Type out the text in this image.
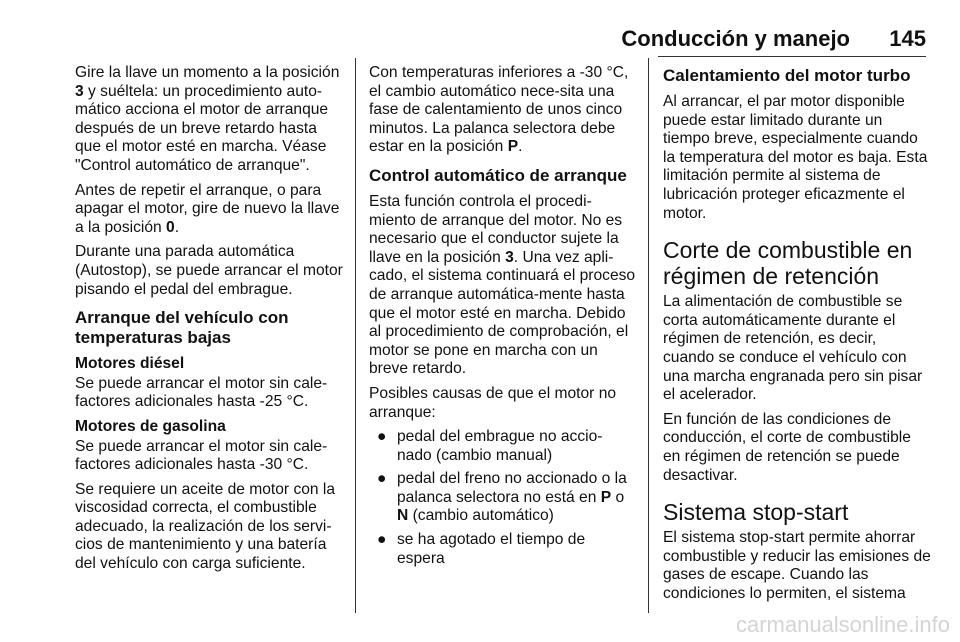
Conducción y manejo 145

Gire la llave un momento a la posición 3 y suéltela: un procedimiento auto-mático acciona el motor de arranque después de un breve retardo hasta que el motor esté en marcha. Véase "Control automático de arranque".

Antes de repetir el arranque, o para apagar el motor, gire de nuevo la llave a la posición 0.

Durante una parada automática (Autostop), se puede arrancar el motor pisando el pedal del embrague.

Arranque del vehículo con temperaturas bajas
Motores diésel

Se puede arrancar el motor sin cale-factores adicionales hasta -25 °C.

Motores de gasolina

Se puede arrancar el motor sin cale-factores adicionales hasta -30 °C.

Se requiere un aceite de motor con la viscosidad correcta, el combustible adecuado, la realización de los servi-cios de mantenimiento y una batería del vehículo con carga suficiente.

Con temperaturas inferiores a -30 °C, el cambio automático nece-sita una fase de calentamiento de unos cinco minutos. La palanca selectora debe estar en la posición P.

Control automático de arranque

Esta función controla el procedi-miento de arranque del motor. No es necesario que el conductor sujete la llave en la posición 3. Una vez apli-cado, el sistema continuará el proceso de arranque automática-mente hasta que el motor esté en marcha. Debido al procedimiento de comprobación, el motor se pone en marcha con un breve retardo.

Posibles causas de que el motor no arranque:

● pedal del embrague no accio-nado (cambio manual)
● pedal del freno no accionado o la palanca selectora no está en P o N (cambio automático)
● se ha agotado el tiempo de espera
Calentamiento del motor turbo

Al arrancar, el par motor disponible puede estar limitado durante un tiempo breve, especialmente cuando la temperatura del motor es baja. Esta limitación permite al sistema de lubricación proteger eficazmente el motor.

Corte de combustible en régimen de retención

La alimentación de combustible se corta automáticamente durante el régimen de retención, es decir, cuando se conduce el vehículo con una marcha engranada pero sin pisar el acelerador.

En función de las condiciones de conducción, el corte de combustible en régimen de retención se puede desactivar.

Sistema stop-start

El sistema stop-start permite ahorrar combustible y reducir las emisiones de gases de escape. Cuando las condiciones lo permiten, el sistema

carmanualsonline.info
